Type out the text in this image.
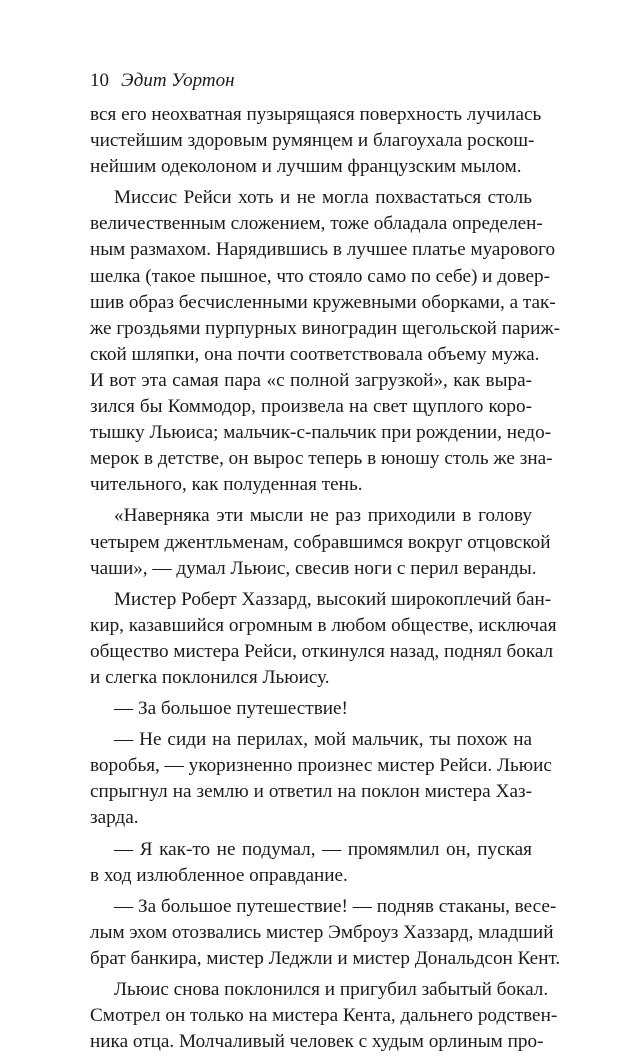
10 Эдит Уортон
вся его неохватная пузырящаяся поверхность лучилась
чистейшим здоровым румянцем и благоухала роскош-
нейшим одеколоном и лучшим французским мылом.
Миссис Рейси хоть и не могла похвастаться столь
величественным сложением, тоже обладала определен-
ным размахом. Нарядившись в лучшее платье муарового
шелка (такое пышное, что стояло само по себе) и довер-
шив образ бесчисленными кружевными оборками, а так-
же гроздьями пурпурных виноградин щегольской париж-
ской шляпки, она почти соответствовала объему мужа.
И вот эта самая пара «с полной загрузкой», как выра-
зился бы Коммодор, произвела на свет щуплого коро-
тышку Льюиса; мальчик-с-пальчик при рождении, недо-
мерок в детстве, он вырос теперь в юношу столь же зна-
чительного, как полуденная тень.
«Наверняка эти мысли не раз приходили в голову
четырем джентльменам, собравшимся вокруг отцовской
чаши», — думал Льюис, свесив ноги с перил веранды.
Мистер Роберт Хаззард, высокий широкоплечий бан-
кир, казавшийся огромным в любом обществе, исключая
общество мистера Рейси, откинулся назад, поднял бокал
и слегка поклонился Льюису.
— За большое путешествие!
— Не сиди на перилах, мой мальчик, ты похож на
воробья, — укоризненно произнес мистер Рейси. Льюис
спрыгнул на землю и ответил на поклон мистера Хаз-
зарда.
— Я как-то не подумал, — промямлил он, пуская
в ход излюбленное оправдание.
— За большое путешествие! — подняв стаканы, весе-
лым эхом отозвались мистер Эмброуз Хаззард, младший
брат банкира, мистер Леджли и мистер Дональдсон Кент.
Льюис снова поклонился и пригубил забытый бокал.
Смотрел он только на мистера Кента, дальнего родствен-
ника отца. Молчаливый человек с худым орлиным про-
